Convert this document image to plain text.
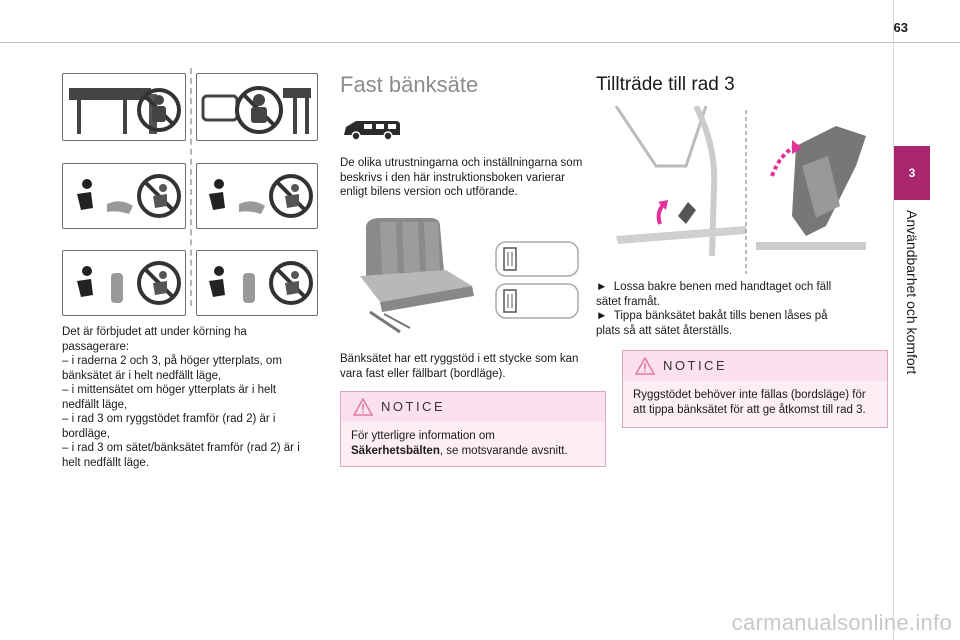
63
3
Användbarhet och komfort

Det är förbjudet att under körning ha

passagerare:

– i raderna 2 och 3, på höger ytterplats, om

bänksätet är i helt nedfällt läge,

– i mittensätet om höger ytterplats är i helt

nedfällt läge,

– i rad 3 om ryggstödet framför (rad 2) är i

bordläge,

– i rad 3 om sätet/bänksätet framför (rad 2) är i

helt nedfällt läge.

Fast bänksäte

De olika utrustningarna och inställningarna som

beskrivs i den här instruktionsboken varierar

enligt bilens version och utförande.

Bänksätet har ett ryggstöd i ett stycke som kan

vara fast eller fällbart (bordläge).

NOTICE
För ytterligre information om
Säkerhetsbälten, se motsvarande avsnitt.
Tillträde till rad 3

► Lossa bakre benen med handtaget och fäll

sätet framåt.

► Tippa bänksätet bakåt tills benen låses på

plats så att sätet återställs.

NOTICE
Ryggstödet behöver inte fällas (bordsläge) för
att tippa bänksätet för att ge åtkomst till rad 3.
carmanualsonline.info
